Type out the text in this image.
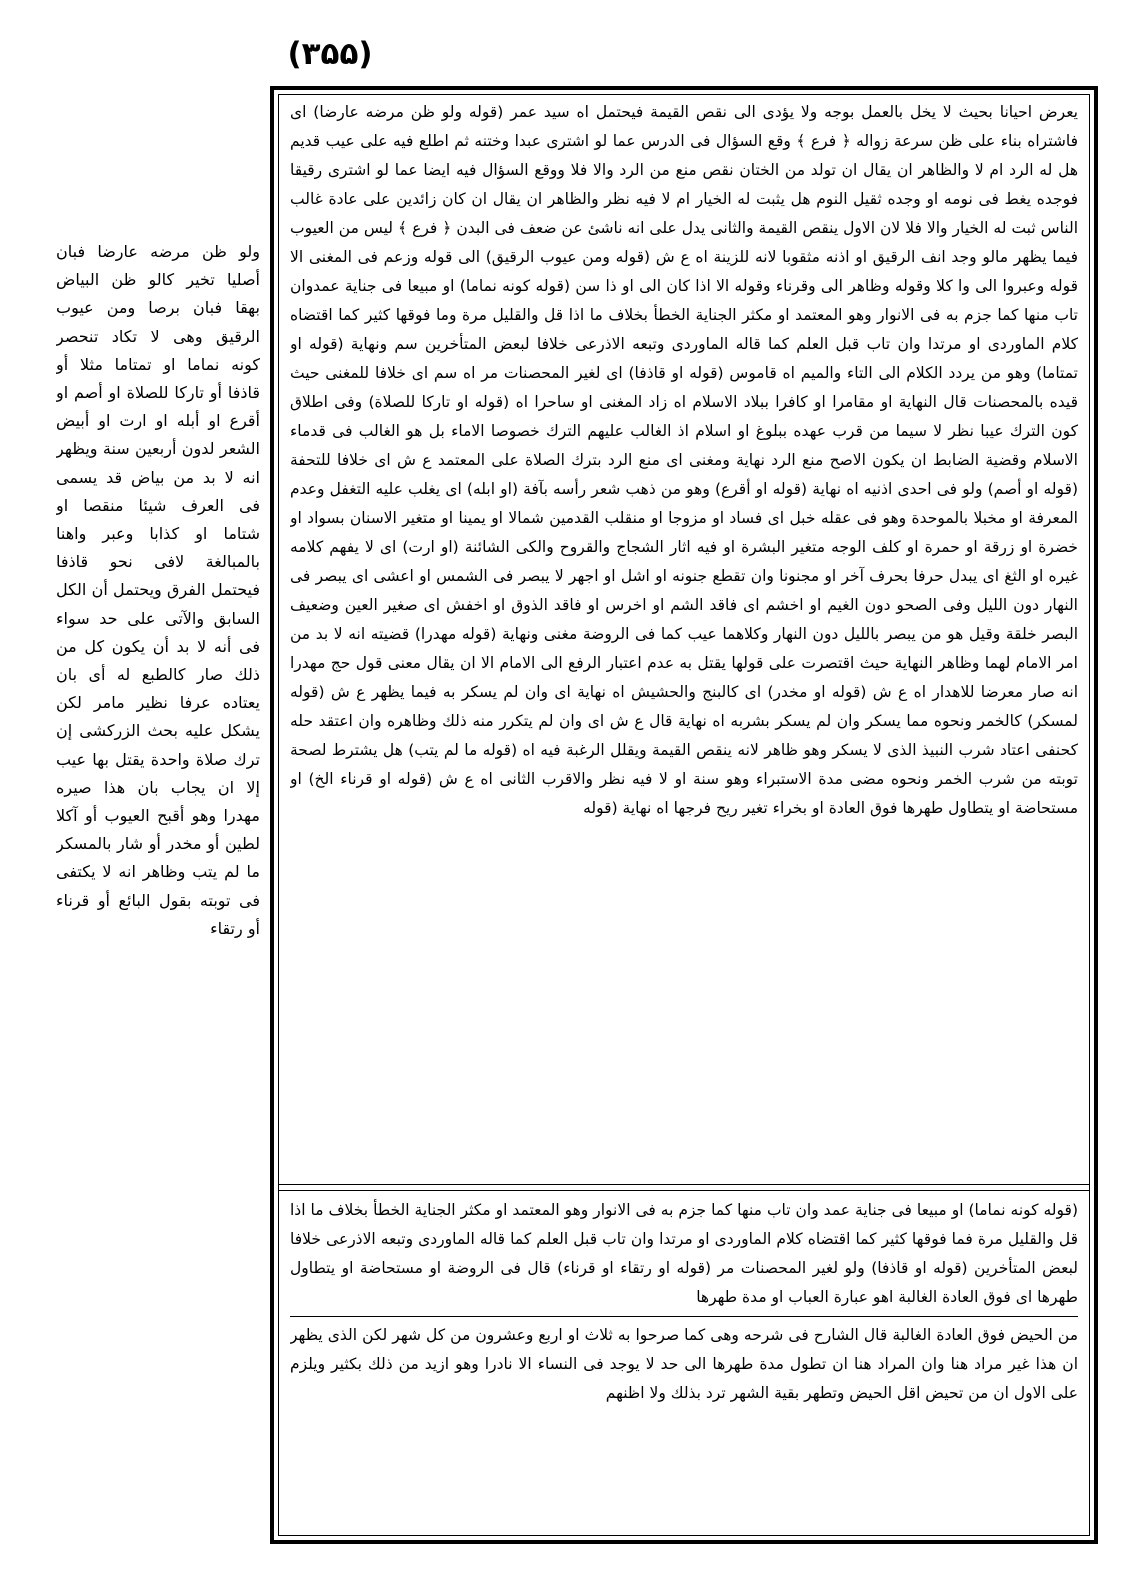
(۳۵۵)
يعرض احيانا بحيث لا يخل بالعمل بوجه ولا يؤدى الى نقص القيمة فيحتمل اه سيد عمر (قوله ولو ظن مرضه عارضا) اى فاشتراه بناء على ظن سرعة زواله ﴿ فرع ﴾ وقع السؤال فى الدرس عما لو اشترى عبدا وختنه ثم اطلع فيه على عيب قديم هل له الرد ام لا والظاهر ان يقال ان تولد من الختان نقص منع من الرد والا فلا ووقع السؤال فيه ايضا عما لو اشترى رقيقا فوجده يغط فى نومه او وجده ثقيل النوم هل يثبت له الخيار ام لا فيه نظر والظاهر ان يقال ان كان زائدين على عادة غالب الناس ثبت له الخيار والا فلا لان الاول ينقص القيمة والثانى يدل على انه ناشئ عن ضعف فى البدن ﴿ فرع ﴾ ليس من العيوب فيما يظهر مالو وجد انف الرقيق او اذنه مثقوبا لانه للزينة اه ع ش (قوله ومن عيوب الرقيق) الى قوله وزعم فى المغنى الا قوله وعبروا الى وا كلا وقوله وظاهر الى وقرناء وقوله الا اذا كان الى او ذا سن (قوله كونه نماما) او مبيعا فى جناية عمدوان تاب منها كما جزم به فى الانوار وهو المعتمد او مكثر الجناية الخطأ بخلاف ما اذا قل والقليل مرة وما فوقها كثير كما اقتضاه كلام الماوردى او مرتدا وان تاب قبل العلم كما قاله الماوردى وتبعه الاذرعى خلافا لبعض المتأخرين سم ونهاية (قوله او تمتاما) وهو من يردد الكلام الى التاء والميم اه قاموس (قوله او قاذفا) اى لغير المحصنات مر اه سم اى خلافا للمغنى حيث قيده بالمحصنات قال النهاية او مقامرا او كافرا ببلاد الاسلام اه زاد المغنى او ساحرا اه (قوله او تاركا للصلاة) وفى اطلاق كون الترك عيبا نظر لا سيما من قرب عهده ببلوغ او اسلام اذ الغالب عليهم الترك خصوصا الاماء بل هو الغالب فى قدماء الاسلام وقضية الضابط ان يكون الاصح منع الرد نهاية ومغنى اى منع الرد بترك الصلاة على المعتمد ع ش اى خلافا للتحفة (قوله او أصم) ولو فى احدى اذنيه اه نهاية (قوله او أقرع) وهو من ذهب شعر رأسه بآفة (او ابله) اى يغلب عليه التغفل وعدم المعرفة او مخبلا بالموحدة وهو فى عقله خبل اى فساد او مزوجا او منقلب القدمين شمالا او يمينا او متغير الاسنان بسواد او خضرة او زرقة او حمرة او كلف الوجه متغير البشرة او فيه اثار الشجاج والقروح والكى الشائنة (او ارت) اى لا يفهم كلامه غيره او الثغ اى يبدل حرفا بحرف آخر او مجنونا وان تقطع جنونه او اشل او اجهر لا يبصر فى الشمس او اعشى اى يبصر فى النهار دون الليل وفى الصحو دون الغيم او اخشم اى فاقد الشم او اخرس او فاقد الذوق او اخفش اى صغير العين وضعيف البصر خلقة وقيل هو من يبصر بالليل دون النهار وكلاهما عيب كما فى الروضة مغنى ونهاية (قوله مهدرا) قضيته انه لا بد من امر الامام لهما وظاهر النهاية حيث اقتصرت على قولها يقتل به عدم اعتبار الرفع الى الامام الا ان يقال معنى قول حج مهدرا انه صار معرضا للاهدار اه ع ش (قوله او مخدر) اى كالبنج والحشيش اه نهاية اى وان لم يسكر به فيما يظهر ع ش (قوله لمسكر) كالخمر ونحوه مما يسكر وان لم يسكر بشربه اه نهاية قال ع ش اى وان لم يتكرر منه ذلك وظاهره وان اعتقد حله كحنفى اعتاد شرب النبيذ الذى لا يسكر وهو ظاهر لانه ينقص القيمة ويقلل الرغبة فيه اه (قوله ما لم يتب) هل يشترط لصحة توبته من شرب الخمر ونحوه مضى مدة الاستبراء وهو سنة او لا فيه نظر والاقرب الثانى اه ع ش (قوله او قرناء الخ) او مستحاضة او يتطاول طهرها فوق العادة او بخراء تغير ريح فرجها اه نهاية (قوله
(قوله كونه نماما) او مبيعا فى جناية عمد وان تاب منها كما جزم به فى الانوار وهو المعتمد او مكثر الجناية الخطأ بخلاف ما اذا قل والقليل مرة فما فوقها كثير كما اقتضاه كلام الماوردى او مرتدا وان تاب قبل العلم كما قاله الماوردى وتبعه الاذرعى خلافا لبعض المتأخرين (قوله او قاذفا) ولو لغير المحصنات مر (قوله او رتقاء او قرناء) قال فى الروضة او مستحاضة او يتطاول طهرها اى فوق العادة الغالبة اهو عبارة العباب او مدة طهرها
من الحيض فوق العادة الغالبة قال الشارح فى شرحه وهى كما صرحوا به ثلاث او اربع وعشرون من كل شهر لكن الذى يظهر ان هذا غير مراد هنا وان المراد هنا ان تطول مدة طهرها الى حد لا يوجد فى النساء الا نادرا وهو ازيد من ذلك بكثير ويلزم على الاول ان من تحيض اقل الحيض وتطهر بقية الشهر ترد بذلك ولا اظنهم
ولو ظن مرضه عارضا فبان أصليا تخير كالو ظن البياض بهقا فبان برصا ومن عيوب الرقيق وهى لا تكاد تنحصر كونه نماما او تمتاما مثلا أو قاذفا أو تاركا للصلاة او أصم او أقرع او أبله او ارت او أبيض الشعر لدون أربعين سنة ويظهر انه لا بد من بياض قد يسمى فى العرف شيئا منقصا او شتاما او كذابا وعبر واهنا بالمبالغة لافى نحو قاذفا فيحتمل الفرق ويحتمل أن الكل السابق والآتى على حد سواء فى أنه لا بد أن يكون كل من ذلك صار كالطبع له أى بان يعتاده عرفا نظير مامر لكن يشكل عليه بحث الزركشى إن ترك صلاة واحدة يقتل بها عيب إلا ان يجاب بان هذا صيره مهدرا وهو أقبح العيوب أو آكلا لطين أو مخدر أو شار بالمسكر ما لم يتب وظاهر انه لا يكتفى فى توبته بقول البائع أو قرناء أو رتقاء
